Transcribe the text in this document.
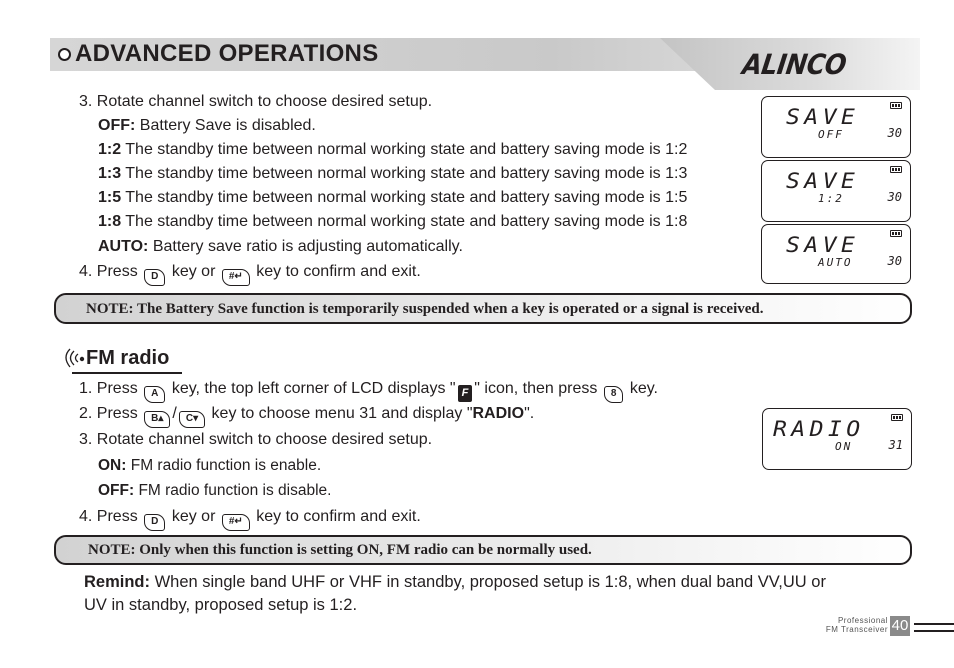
ADVANCED OPERATIONS	ALINCO
3. Rotate channel switch to choose desired setup.
OFF: Battery Save is disabled.
1:2 The standby time between normal working state and battery saving mode is 1:2
1:3 The standby time between normal working state and battery saving mode is 1:3
1:5 The standby time between normal working state and battery saving mode is 1:5
1:8 The standby time between normal working state and battery saving mode is 1:8
AUTO: Battery save ratio is adjusting automatically.
4. Press D key or #↵ key to confirm and exit.
SAVE
OFF	30
SAVE
1:2	30
SAVE
AUTO	30
NOTE: The Battery Save function is temporarily suspended when a key is operated or a signal is received.
FM radio
1. Press A key, the top left corner of LCD displays " F " icon, then press 8 key.
2. Press B▴ / C▾ key to choose menu 31 and display "RADIO".
3. Rotate channel switch to choose desired setup.
ON: FM radio function is enable.
OFF: FM radio function is disable.
4. Press D key or #↵ key to confirm and exit.
RADIO
ON	31
NOTE: Only when this function is setting ON, FM radio can be normally used.
Remind: When single band UHF or VHF in standby, proposed setup is 1:8, when dual band VV,UU or
UV in standby, proposed setup is 1:2.
Professional
FM Transceiver 40
